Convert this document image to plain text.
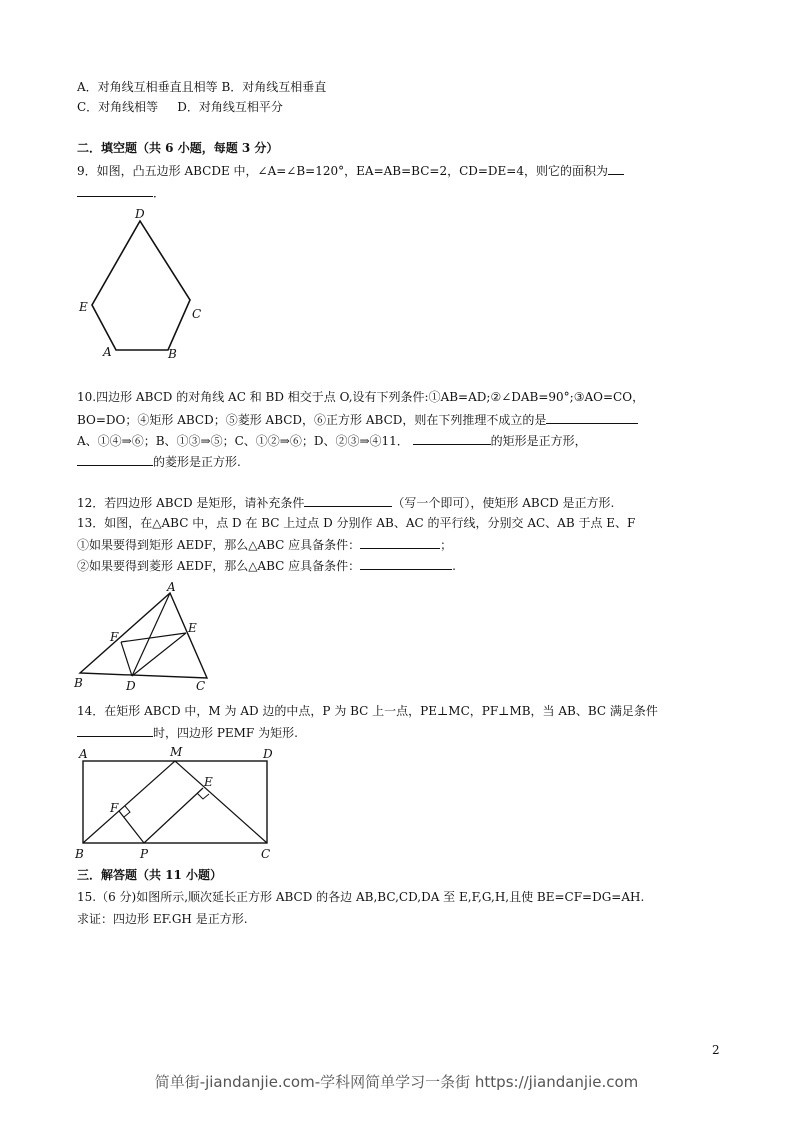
A．对角线互相垂直且相等 B．对角线互相垂直
C．对角线相等     D．对角线互相平分
二．填空题（共 6 小题，每题 3 分）
9．如图，凸五边形 ABCDE 中，∠A=∠B=120°，EA=AB=BC=2，CD=DE=4，则它的面积为
．
D
C
B
A
E
10.四边形 ABCD 的对角线 AC 和 BD 相交于点 O,设有下列条件:①AB=AD;②∠DAB=90°;③AO=CO，
BO=DO；④矩形 ABCD；⑤菱形 ABCD，⑥正方形 ABCD，则在下列推理不成立的是
A、①④⇒⑥；B、①③⇒⑤；C、①②⇒⑥；D、②③⇒④11．	的矩形是正方形，
的菱形是正方形.
12．若四边形 ABCD 是矩形，请补充条件	（写一个即可），使矩形 ABCD 是正方形.
13．如图，在△ABC 中，点 D 在 BC 上过点 D 分别作 AB、AC 的平行线，分别交 AC、AB 于点 E、F
①如果要得到矩形 AEDF，那么△ABC 应具备条件：	；
②如果要得到菱形 AEDF，那么△ABC 应具备条件：	.
A
B	C
D
E
F
14．在矩形 ABCD 中，M 为 AD 边的中点，P 为 BC 上一点，PE⊥MC，PF⊥MB，当 AB、BC 满足条件
时，四边形 PEMF 为矩形.
A	M	D
E
F
B	P	C
三．解答题（共 11 小题）
15.（6 分)如图所示,顺次延长正方形 ABCD 的各边 AB,BC,CD,DA 至 E,F,G,H,且使 BE=CF=DG=AH.
求证：四边形 EF.GH 是正方形.
2
简单街-jiandanjie.com-学科网简单学习一条街 https://jiandanjie.com
